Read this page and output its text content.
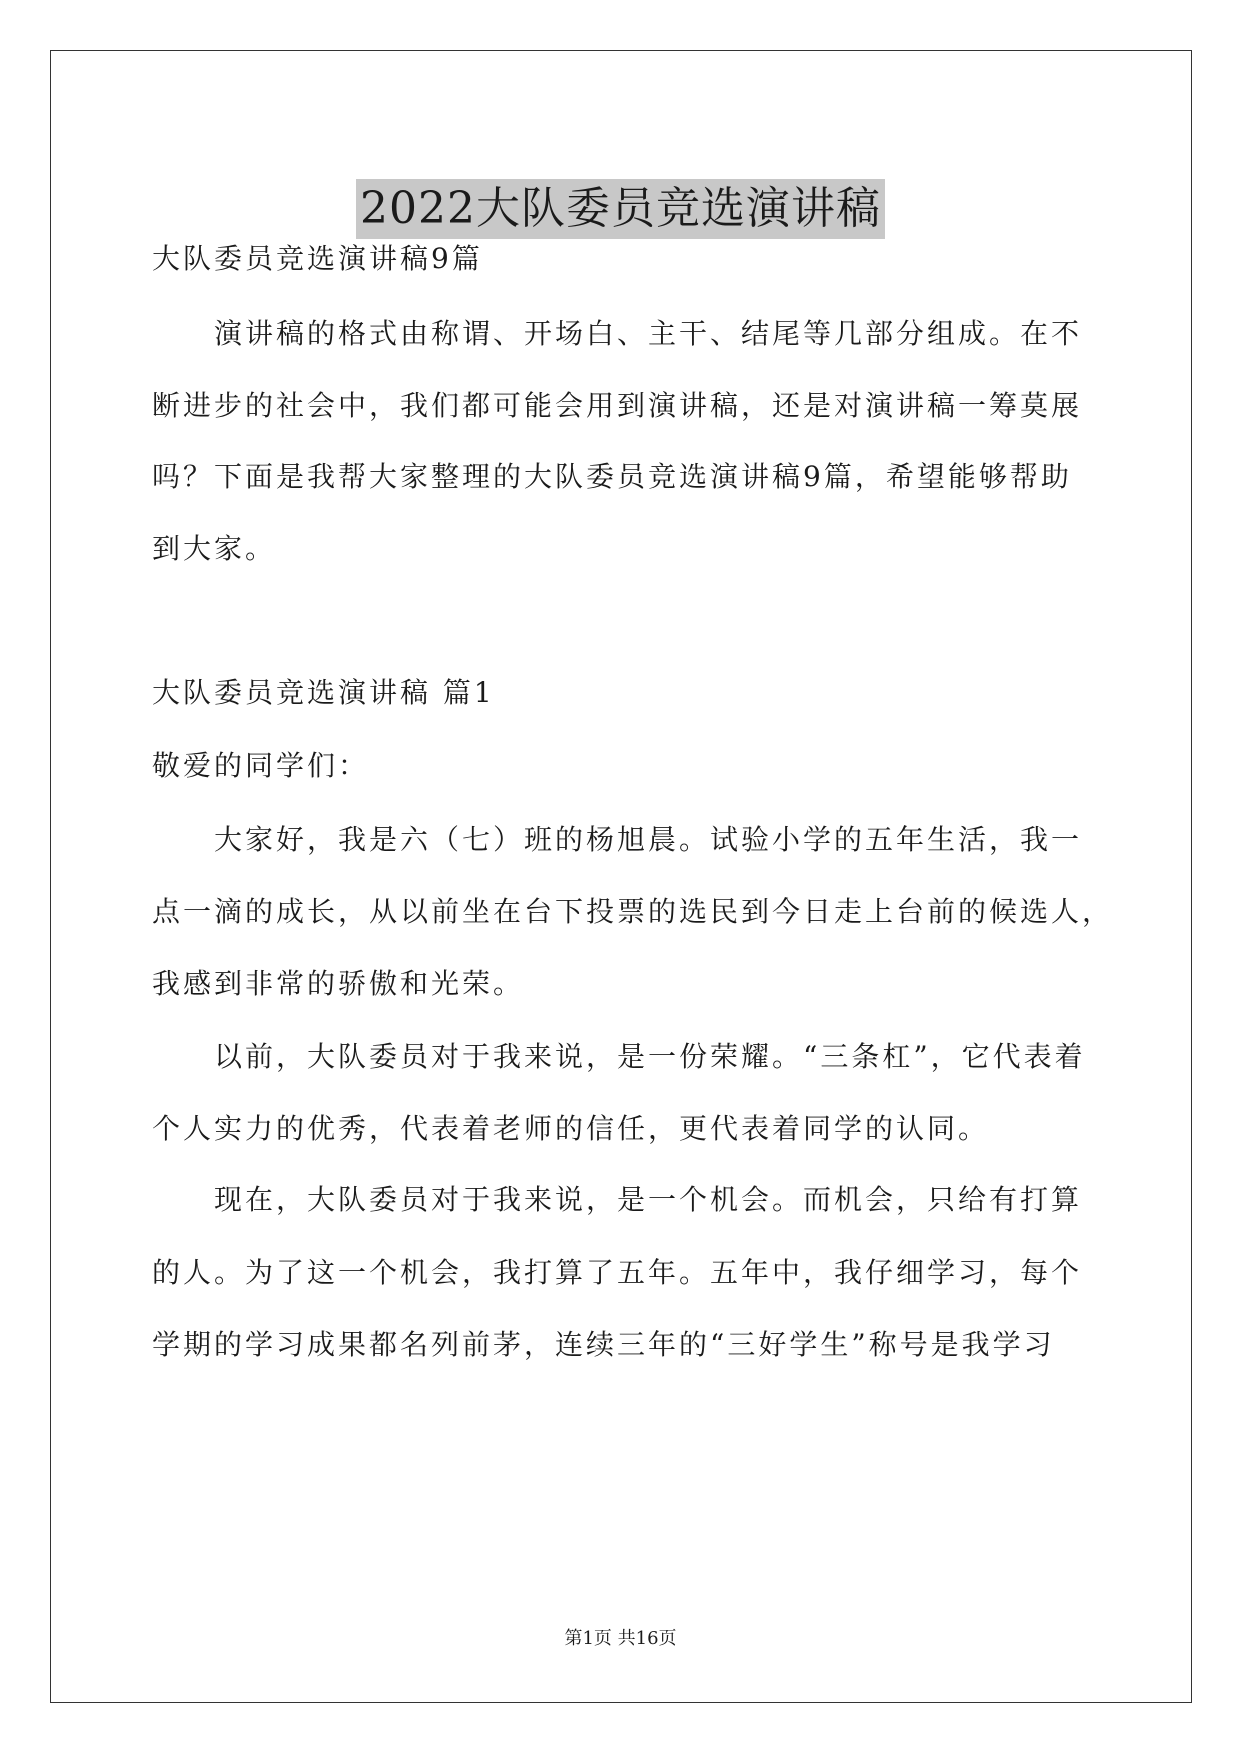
2022大队委员竞选演讲稿
大队委员竞选演讲稿9篇
演讲稿的格式由称谓、开场白、主干、结尾等几部分组成。在不
断进步的社会中，我们都可能会用到演讲稿，还是对演讲稿一筹莫展
吗？下面是我帮大家整理的大队委员竞选演讲稿9篇，希望能够帮助
到大家。
大队委员竞选演讲稿 篇1
敬爱的同学们：
大家好，我是六（七）班的杨旭晨。试验小学的五年生活，我一
点一滴的成长，从以前坐在台下投票的选民到今日走上台前的候选人，
我感到非常的骄傲和光荣。
以前，大队委员对于我来说，是一份荣耀。“三条杠”，它代表着
个人实力的优秀，代表着老师的信任，更代表着同学的认同。
现在，大队委员对于我来说，是一个机会。而机会，只给有打算
的人。为了这一个机会，我打算了五年。五年中，我仔细学习，每个
学期的学习成果都名列前茅，连续三年的“三好学生”称号是我学习
第1页 共16页
